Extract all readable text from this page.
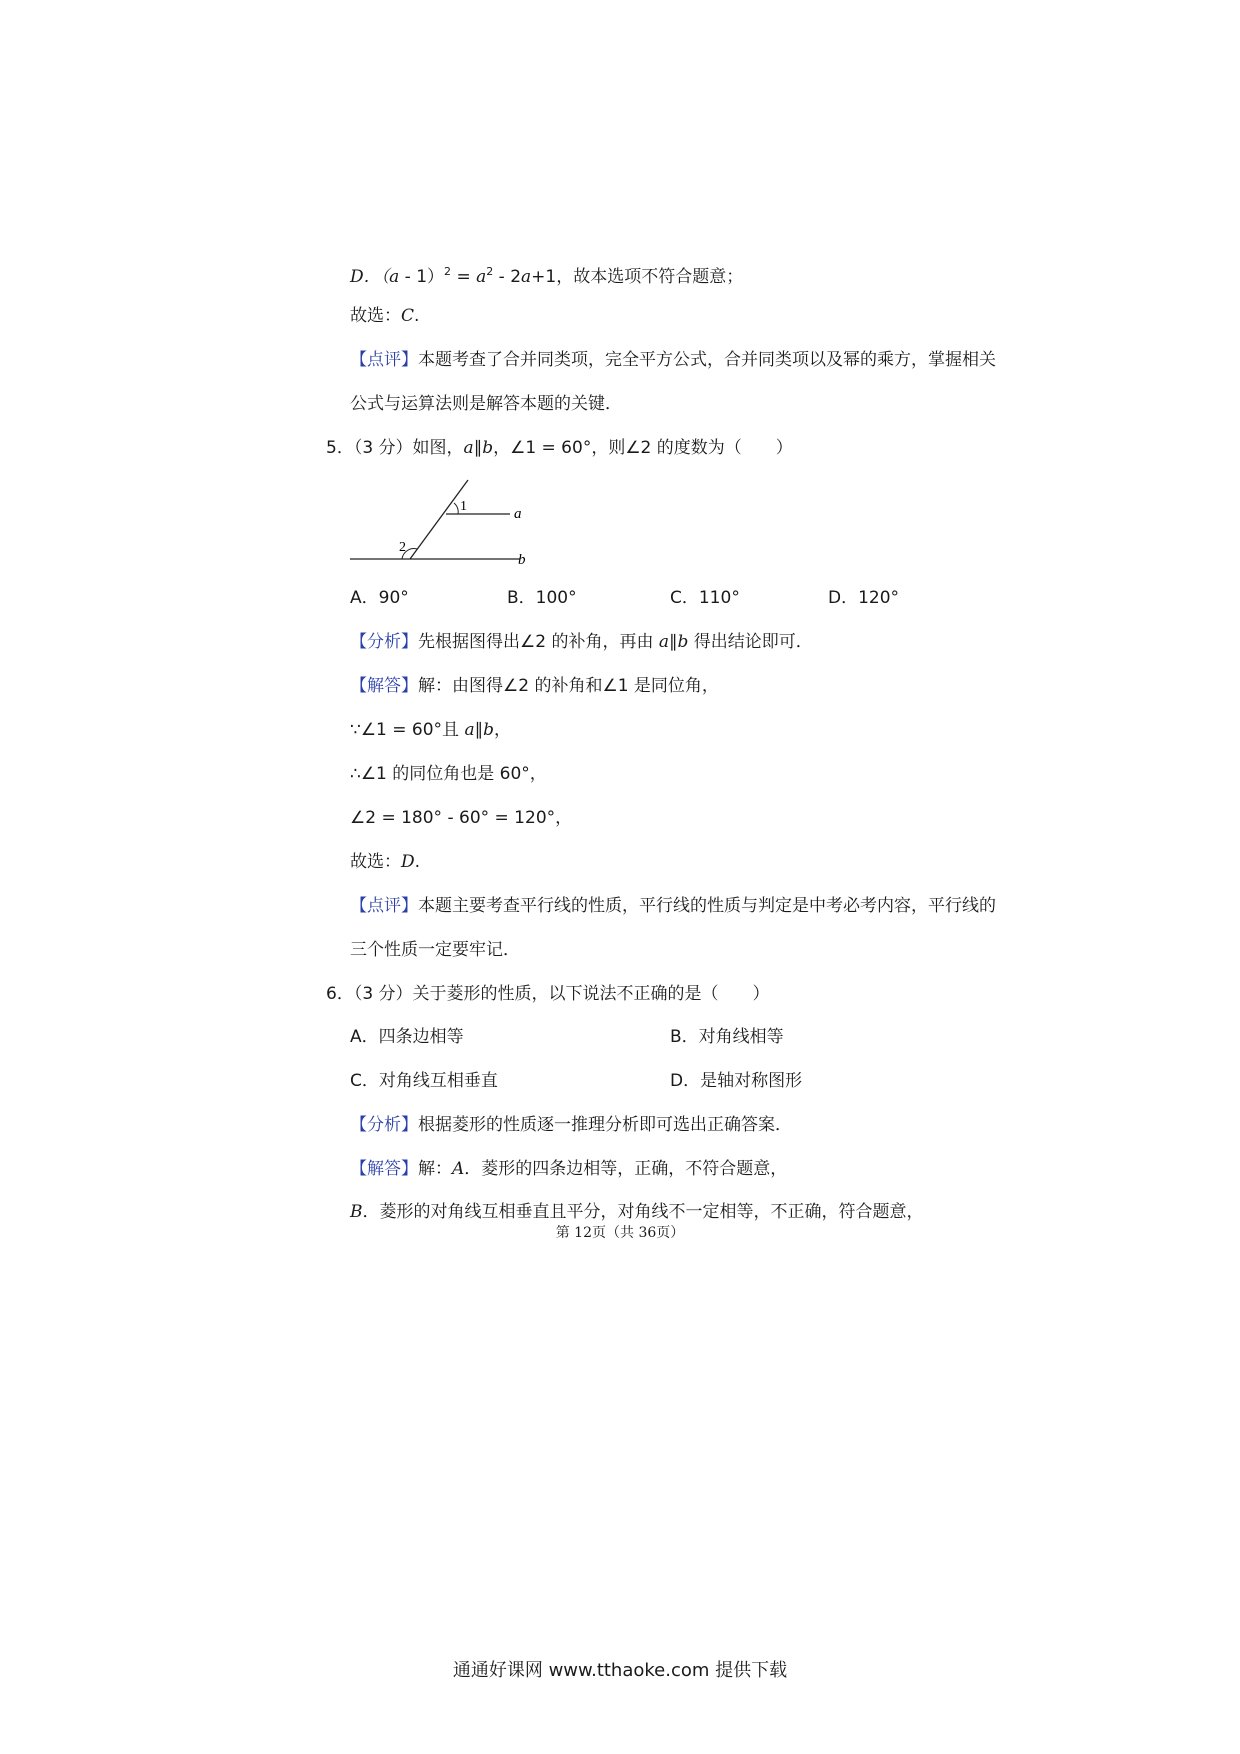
D．$(a - 1)^2 = a^2 - 2a+1$，故本选项不符合题意；
故选：C.
【点评】本题考查了合并同类项，完全平方公式，合并同类项以及幂的乘方，掌握相关
公式与运算法则是解答本题的关键．
5．（3 分）如图，a∥b，∠1 = 60°，则∠2 的度数为（　　）
1
2
a
b
A．90°	B．100°	C．110°	D．120°
【分析】先根据图得出∠2 的补角，再由 a∥b 得出结论即可．
【解答】解：由图得∠2 的补角和∠1 是同位角，
∵∠1 = 60°且 a∥b，
∴∠1 的同位角也是 60°，
∠2 = 180° - 60° = 120°，
故选：D.
【点评】本题主要考查平行线的性质，平行线的性质与判定是中考必考内容，平行线的
三个性质一定要牢记．
6．（3 分）关于菱形的性质，以下说法不正确的是（　　）
A．四条边相等	B．对角线相等
C．对角线互相垂直	D．是轴对称图形
【分析】根据菱形的性质逐一推理分析即可选出正确答案．
【解答】解：A．菱形的四条边相等，正确，不符合题意，
B．菱形的对角线互相垂直且平分，对角线不一定相等，不正确，符合题意，
第 12页（共 36页）
通通好课网 www.tthaoke.com 提供下载
